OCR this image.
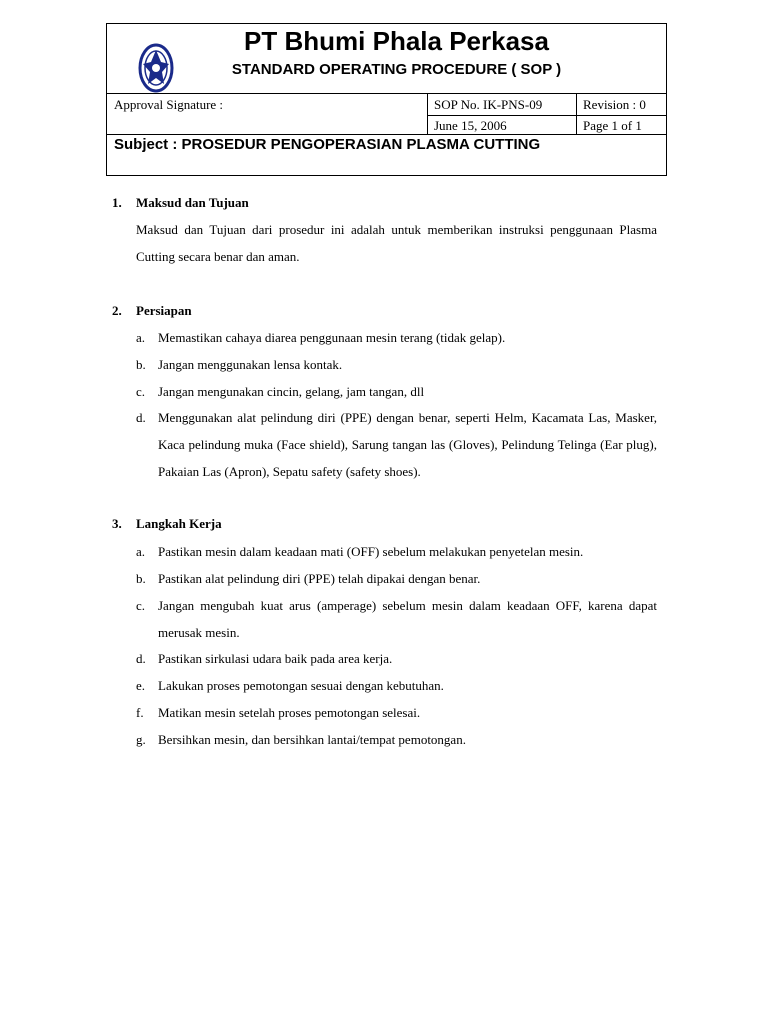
PT Bhumi Phala Perkasa
STANDARD OPERATING PROCEDURE ( SOP )
Approval Signature :	SOP No. IK-PNS-09	Revision : 0
June 15, 2006	Page 1 of 1
Subject : PROSEDUR PENGOPERASIAN PLASMA CUTTING
1. Maksud dan Tujuan
Maksud dan Tujuan dari prosedur ini adalah untuk memberikan instruksi penggunaan Plasma Cutting secara benar dan aman.
2. Persiapan
a. Memastikan cahaya diarea penggunaan mesin terang (tidak gelap).
b. Jangan menggunakan lensa kontak.
c. Jangan mengunakan cincin, gelang, jam tangan, dll
d. Menggunakan alat pelindung diri (PPE) dengan benar, seperti Helm, Kacamata Las, Masker, Kaca pelindung muka (Face shield), Sarung tangan las (Gloves), Pelindung Telinga (Ear plug), Pakaian Las (Apron), Sepatu safety (safety shoes).
3. Langkah Kerja
a. Pastikan mesin dalam keadaan mati (OFF) sebelum melakukan penyetelan mesin.
b. Pastikan alat pelindung diri (PPE) telah dipakai dengan benar.
c. Jangan mengubah kuat arus (amperage) sebelum mesin dalam keadaan OFF, karena dapat merusak mesin.
d. Pastikan sirkulasi udara baik pada area kerja.
e. Lakukan proses pemotongan sesuai dengan kebutuhan.
f. Matikan mesin setelah proses pemotongan selesai.
g. Bersihkan mesin, dan bersihkan lantai/tempat pemotongan.
